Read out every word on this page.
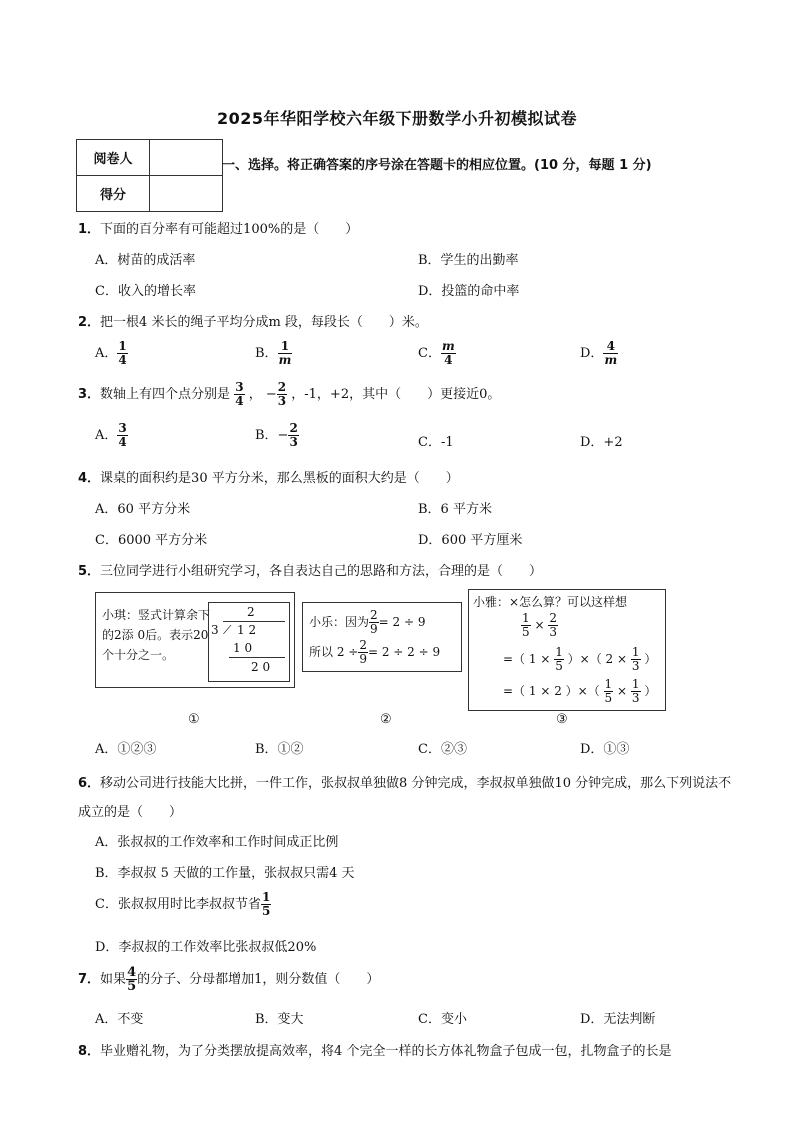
2025年华阳学校六年级下册数学小升初模拟试卷
阅卷人	
得分	
一、选择。将正确答案的序号涂在答题卡的相应位置。(10 分，每题 1 分)
1．下面的百分率有可能超过100%的是（　　）
A．树苗的成活率	B．学生的出勤率
C．收入的增长率	D．投篮的命中率
2．把一根4 米长的绳子平均分成m 段，每段长（　　）米。
A． $\frac{1}{4}$	B． $\frac{1}{m}$	C． $\frac{m}{4}$	D． $\frac{4}{m}$
3．数轴上有四个点分别是 $\frac{3}{4}$ ， − $\frac{2}{3}$ ，-1，+2，其中（　　）更接近0。
A． $\frac{3}{4}$	B．− $\frac{2}{3}$	C．-1	D．+2
4．课桌的面积约是30 平方分米，那么黑板的面积大约是（　　）
A．60 平方分米	B．6 平方米
C．6000 平方分米	D．600 平方厘米
5．三位同学进行小组研究学习，各自表达自己的思路和方法，合理的是（　　）
小琪：竖式计算余下的2添 0后。表示20个十分之一。
2
3 ⟋ 1 2
1 0
2 0
小乐：因为 $\frac{2}{9} = 2 \div 9$
所以 $2 \div \frac{2}{9} = 2 \div 2 \div 9$
小雅：×怎么算？可以这样想
$\frac{1}{5} \times \frac{2}{3}$
=（ $1 \times \frac{1}{5}$ ）×（ $2 \times \frac{1}{3}$ ）
=（ 1 × 2 ）×（ $\frac{1}{5} \times \frac{1}{3}$ ）
①	②	③
A．①②③	B．①②	C．②③	D．①③
6．移动公司进行技能大比拼，一件工作，张叔叔单独做8 分钟完成，李叔叔单独做10 分钟完成，那么下列说法不成立的是（　　）
A．张叔叔的工作效率和工作时间成正比例
B．李叔叔 5 天做的工作量，张叔叔只需4 天
C．张叔叔用时比李叔叔节省 $\frac{1}{5}$
D．李叔叔的工作效率比张叔叔低20%
7．如果 $\frac{4}{5}$ 的分子、分母都增加1，则分数值（　　）
A．不变	B．变大	C．变小	D．无法判断
8．毕业赠礼物，为了分类摆放提高效率，将4 个完全一样的长方体礼物盒子包成一包，扎物盒子的长是
